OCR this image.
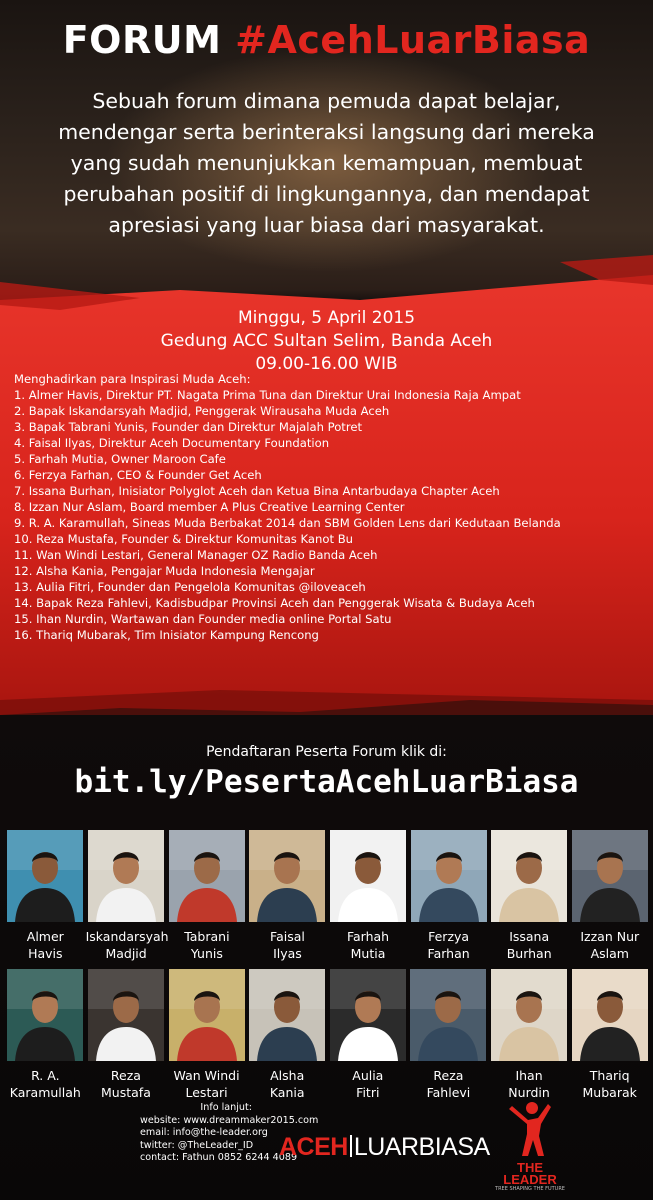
FORUM #AcehLuarBiasa
Sebuah forum dimana pemuda dapat belajar, mendengar serta berinteraksi langsung dari mereka yang sudah menunjukkan kemampuan, membuat perubahan positif di lingkungannya, dan mendapat apresiasi yang luar biasa dari masyarakat.
Minggu, 5 April 2015
Gedung ACC Sultan Selim, Banda Aceh
09.00-16.00 WIB
Menghadirkan para Inspirasi Muda Aceh:
1. Almer Havis, Direktur PT. Nagata Prima Tuna dan Direktur Urai Indonesia Raja Ampat
2. Bapak Iskandarsyah Madjid, Penggerak Wirausaha Muda Aceh
3. Bapak Tabrani Yunis, Founder dan Direktur Majalah Potret
4. Faisal Ilyas, Direktur Aceh Documentary Foundation
5. Farhah Mutia, Owner Maroon Cafe
6. Ferzya Farhan, CEO & Founder Get Aceh
7. Issana Burhan, Inisiator Polyglot Aceh dan Ketua Bina Antarbudaya Chapter Aceh
8. Izzan Nur Aslam, Board member A Plus Creative Learning Center
9. R. A. Karamullah, Sineas Muda Berbakat 2014 dan SBM Golden Lens dari Kedutaan Belanda
10. Reza Mustafa, Founder & Direktur Komunitas Kanot Bu
11. Wan Windi Lestari, General Manager OZ Radio Banda Aceh
12. Alsha Kania, Pengajar Muda Indonesia Mengajar
13. Aulia Fitri, Founder dan Pengelola Komunitas @iloveaceh
14. Bapak Reza Fahlevi, Kadisbudpar Provinsi Aceh dan Penggerak Wisata & Budaya Aceh
15. Ihan Nurdin, Wartawan dan Founder media online Portal Satu
16. Thariq Mubarak, Tim Inisiator Kampung Rencong
Pendaftaran Peserta Forum klik di:
bit.ly/PesertaAcehLuarBiasa
Almer
Havis
Iskandarsyah
Madjid
Tabrani
Yunis
Faisal
Ilyas
Farhah
Mutia
Ferzya
Farhan
Issana
Burhan
Izzan Nur
Aslam
R. A.
Karamullah
Reza
Mustafa
Wan Windi
Lestari
Alsha
Kania
Aulia
Fitri
Reza
Fahlevi
Ihan
Nurdin
Thariq
Mubarak
Info lanjut:
website: www.dreammaker2015.com
email: info@the-leader.org
twitter: @TheLeader_ID
contact: Fathun 0852 6244 4089
ACEH LUARBIASA
THE
LEADER
TREE SHAPING THE FUTURE
